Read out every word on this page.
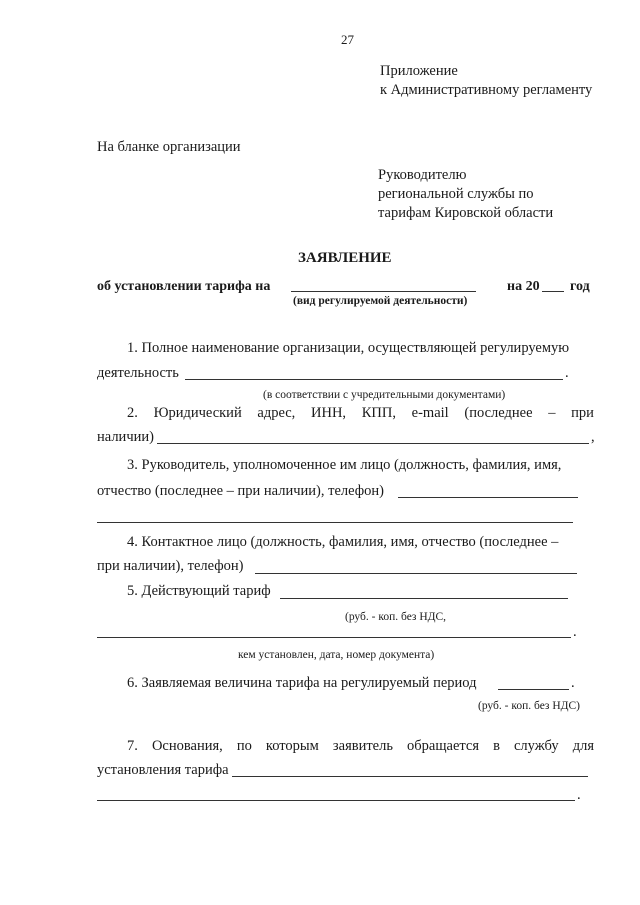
27
Приложение
к Административному регламенту
На бланке организации
Руководителю
региональной службы по
тарифам Кировской области
ЗАЯВЛЕНИЕ
об установлении тарифа на	на 20 год
(вид регулируемой деятельности)
1. Полное наименование организации, осуществляющей регулируемую
деятельность	.
(в соответствии с учредительными документами)
2. Юридический адрес, ИНН, КПП, e-mail (последнее – при
наличии)	,
3. Руководитель, уполномоченное им лицо (должность, фамилия, имя,
отчество (последнее – при наличии), телефон)
4. Контактное лицо (должность, фамилия, имя, отчество (последнее –
при наличии), телефон)
5. Действующий тариф
(руб. - коп. без НДС,
.
кем установлен, дата, номер документа)
6. Заявляемая величина тарифа на регулируемый период	.
(руб. - коп. без НДС)
7. Основания, по которым заявитель обращается в службу для
установления тарифа
.
